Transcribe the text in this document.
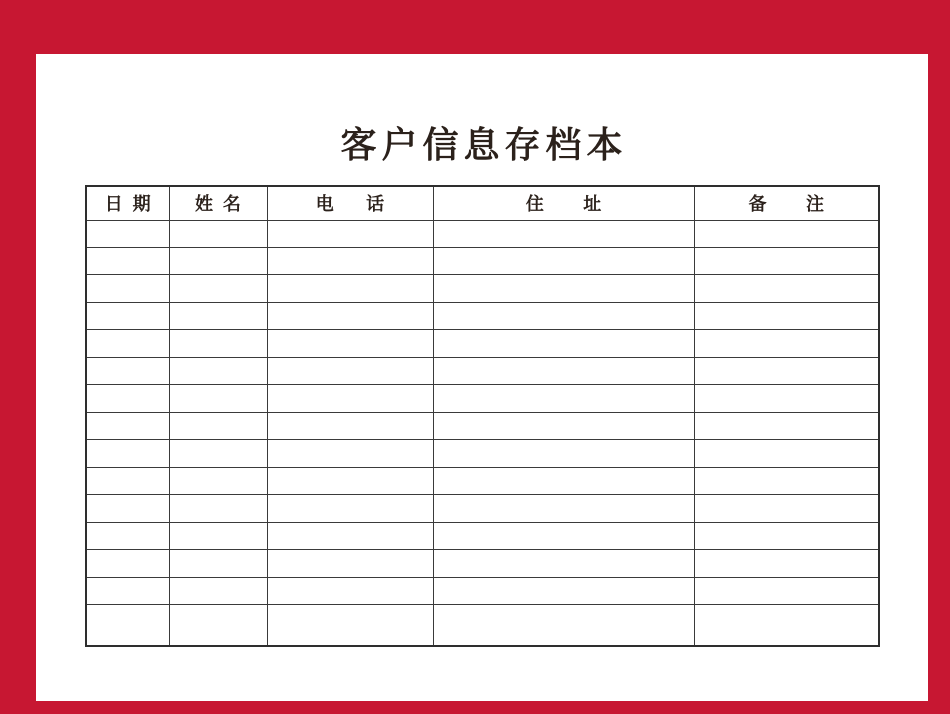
客户信息存档本
日期	姓名	电话	住址	备注
